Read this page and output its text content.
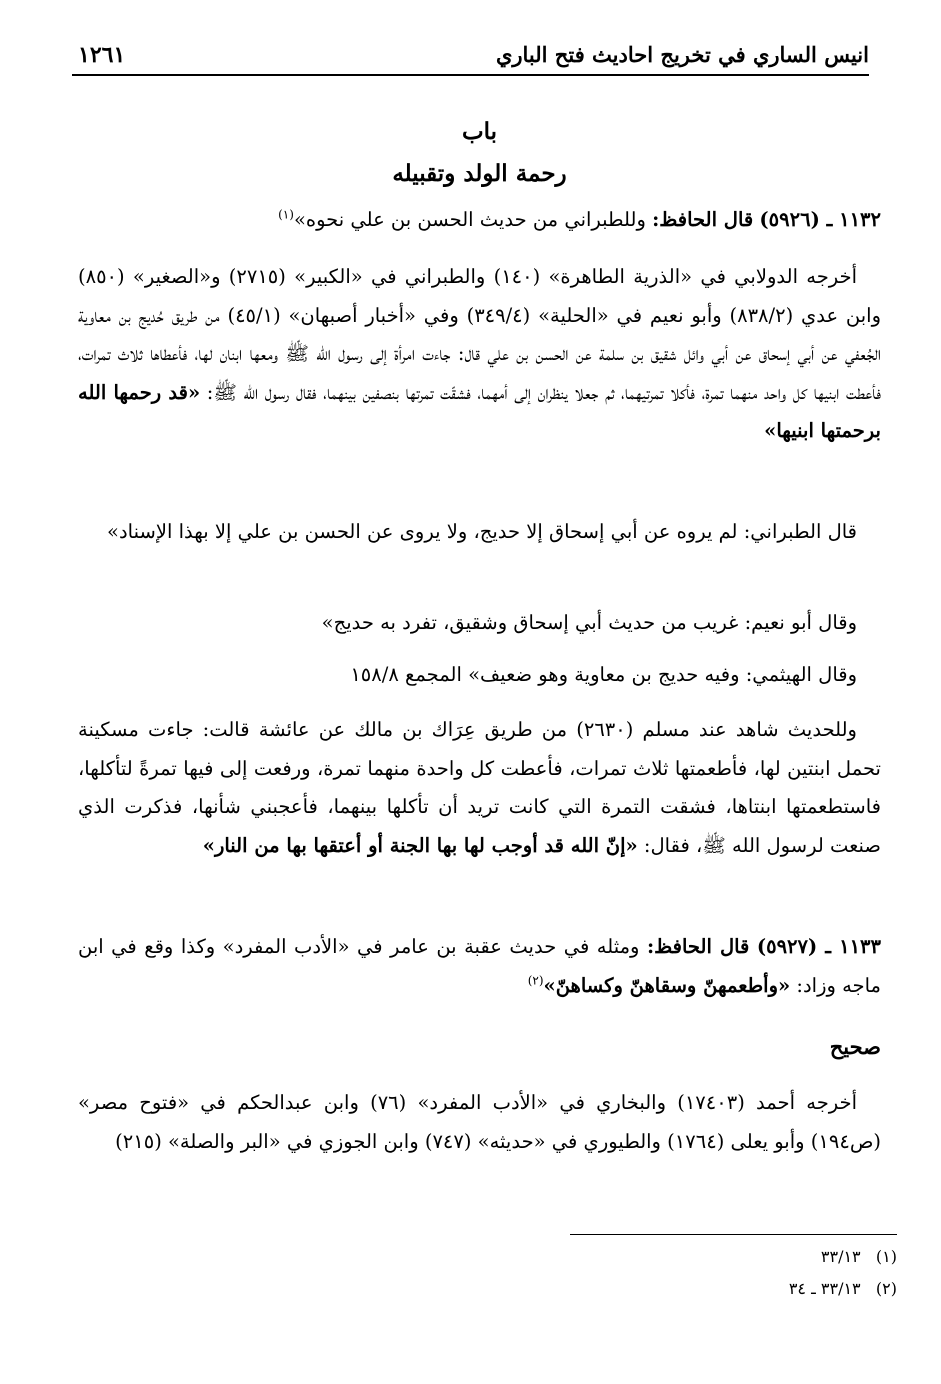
انيس الساري في تخريج احاديث فتح الباري
١٢٦١
باب
رحمة الولد وتقبيله
١١٣٢ ـ (٥٩٢٦) قال الحافظ: وللطبراني من حديث الحسن بن علي نحوه»$^{(١)}$
أخرجه الدولابي في «الذرية الطاهرة» (١٤٠) والطبراني في «الكبير» (٢٧١٥) و«الصغير» (٨٥٠) وابن عدي (٨٣٨/٢) وأبو نعيم في «الحلية» (٣٤٩/٤) وفي «أخبار أصبهان» (٤٥/١) من طريق حُديج بن معاوية الجُعفي عن أبي إسحاق عن أبي وائل شقيق بن سلمة عن الحسن بن علي قال: جاءت امرأة إلى رسول الله ﷺ ومعها ابنان لها، فأعطاها ثلاث تمرات، فأعطت ابنيها كل واحد منهما تمرة، فأكلا تمرتيهما، ثم جعلا ينظران إلى أمهما، فشقّت تمرتها بنصفين بينهما، فقال رسول الله ﷺ: «قد رحمها الله برحمتها ابنيها»
قال الطبراني: لم يروه عن أبي إسحاق إلا حديج، ولا يروى عن الحسن بن علي إلا بهذا الإسناد»
وقال أبو نعيم: غريب من حديث أبي إسحاق وشقيق، تفرد به حديج»
وقال الهيثمي: وفيه حديج بن معاوية وهو ضعيف» المجمع ١٥٨/٨
وللحديث شاهد عند مسلم (٢٦٣٠) من طريق عِرَاك بن مالك عن عائشة قالت: جاءت مسكينة تحمل ابنتين لها، فأطعمتها ثلاث تمرات، فأعطت كل واحدة منهما تمرة، ورفعت إلى فيها تمرةً لتأكلها، فاستطعمتها ابنتاها، فشقت التمرة التي كانت تريد أن تأكلها بينهما، فأعجبني شأنها، فذكرت الذي صنعت لرسول الله ﷺ، فقال: «إنّ الله قد أوجب لها بها الجنة أو أعتقها بها من النار»
١١٣٣ ـ (٥٩٢٧) قال الحافظ: ومثله في حديث عقبة بن عامر في «الأدب المفرد» وكذا وقع في ابن ماجه وزاد: «وأطعمهنّ وسقاهنّ وكساهنّ»$^{(٢)}$
صحيح
أخرجه أحمد (١٧٤٠٣) والبخاري في «الأدب المفرد» (٧٦) وابن عبدالحكم في «فتوح مصر» (ص١٩٤) وأبو يعلى (١٧٦٤) والطيوري في «حديثه» (٧٤٧) وابن الجوزي في «البر والصلة» (٢١٥)
(١)   ٣٣/١٣
(٢)   ٣٣/١٣ ـ ٣٤
